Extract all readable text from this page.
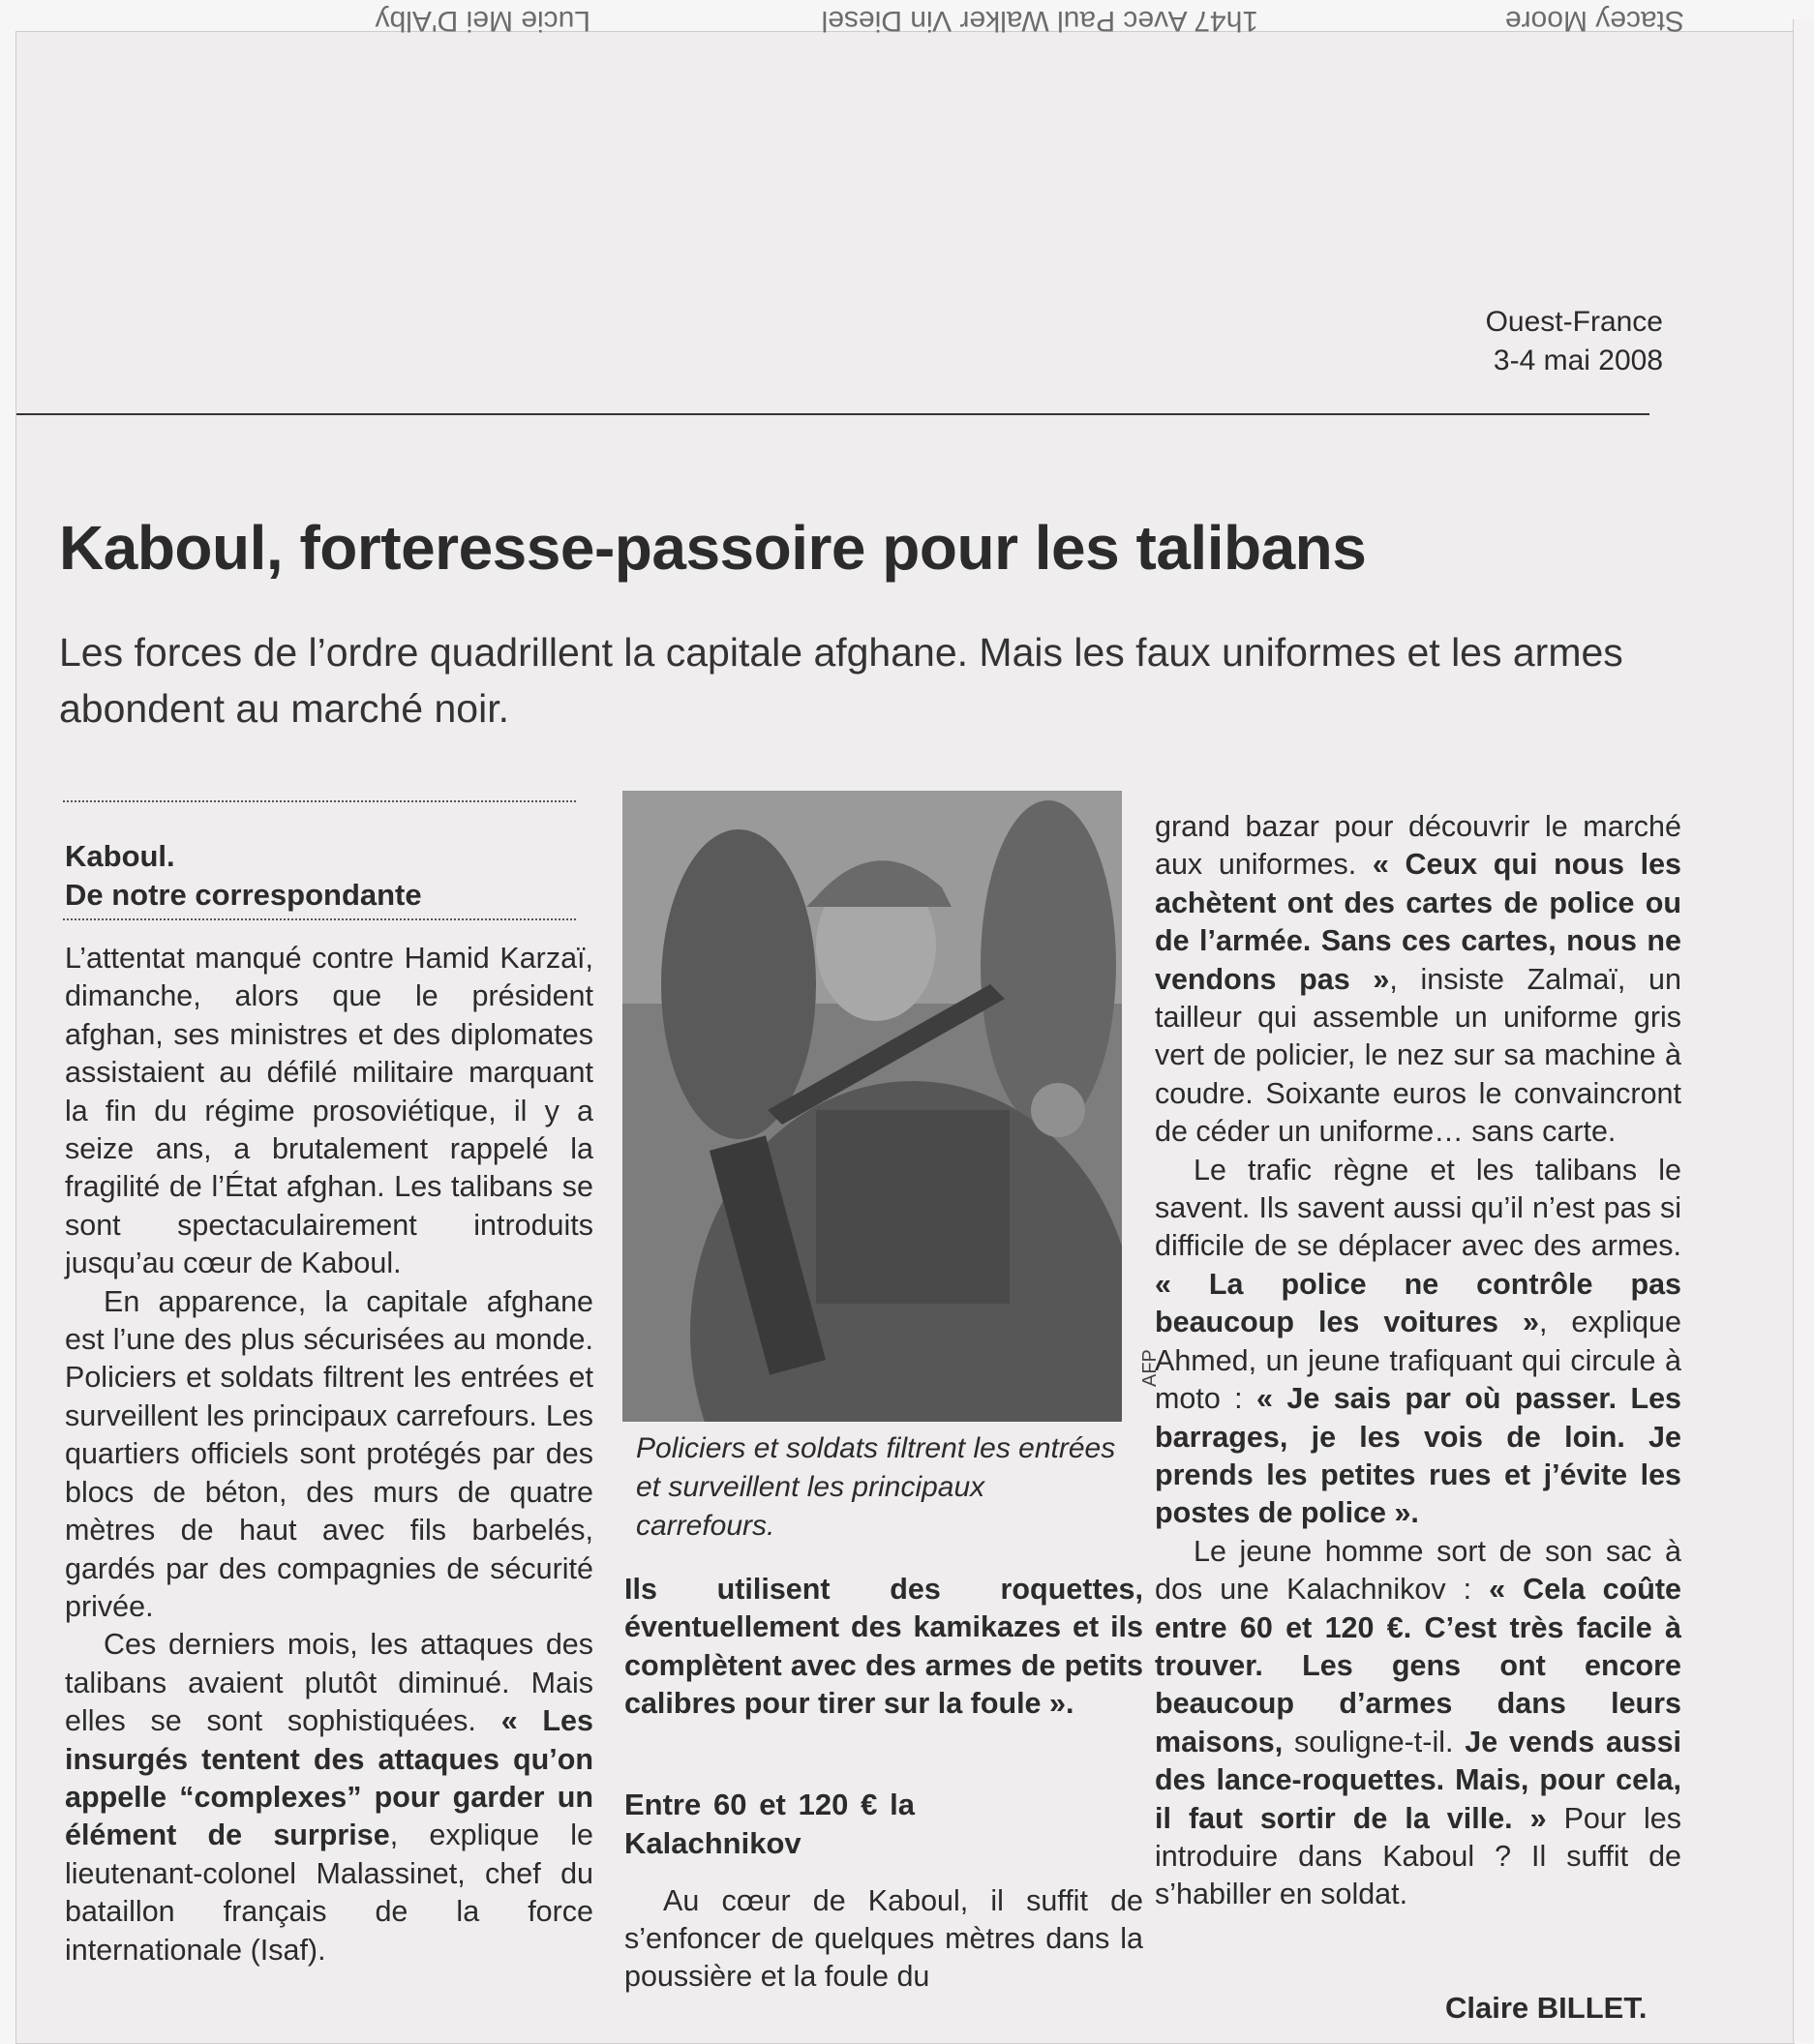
Ouest-France
3-4 mai 2008
Kaboul, forteresse-passoire pour les talibans

Les forces de l’ordre quadrillent la capitale afghane. Mais les faux uniformes et les armes abondent au marché noir.

Kaboul.
De notre correspondante

L’attentat manqué contre Hamid Karzaï, dimanche, alors que le président afghan, ses ministres et des diplomates assistaient au défilé militaire marquant la fin du régime prosoviétique, il y a seize ans, a brutalement rappelé la fragilité de l’État afghan. Les talibans se sont spectaculairement introduits jusqu’au cœur de Kaboul.

En apparence, la capitale afghane est l’une des plus sécurisées au monde. Policiers et soldats filtrent les entrées et surveillent les principaux carrefours. Les quartiers officiels sont protégés par des blocs de béton, des murs de quatre mètres de haut avec fils barbelés, gardés par des compagnies de sécurité privée.

Ces derniers mois, les attaques des talibans avaient plutôt diminué. Mais elles se sont sophistiquées. « Les insurgés tentent des attaques qu’on appelle “complexes” pour garder un élément de surprise, explique le lieutenant-colonel Malassinet, chef du bataillon français de la force internationale (Isaf).

AFP
Policiers et soldats filtrent les entrées et surveillent les principaux carrefours.

Ils utilisent des roquettes, éventuellement des kamikazes et ils complètent avec des armes de petits calibres pour tirer sur la foule ».

Entre 60 et 120 € la Kalachnikov

Au cœur de Kaboul, il suffit de s’enfoncer de quelques mètres dans la poussière et la foule du

grand bazar pour découvrir le marché aux uniformes. « Ceux qui nous les achètent ont des cartes de police ou de l’armée. Sans ces cartes, nous ne vendons pas », insiste Zalmaï, un tailleur qui assemble un uniforme gris vert de policier, le nez sur sa machine à coudre. Soixante euros le convaincront de céder un uniforme… sans carte.

Le trafic règne et les talibans le savent. Ils savent aussi qu’il n’est pas si difficile de se déplacer avec des armes. « La police ne contrôle pas beaucoup les voitures », explique Ahmed, un jeune trafiquant qui circule à moto : « Je sais par où passer. Les barrages, je les vois de loin. Je prends les petites rues et j’évite les postes de police ».

Le jeune homme sort de son sac à dos une Kalachnikov : « Cela coûte entre 60 et 120 €. C’est très facile à trouver. Les gens ont encore beaucoup d’armes dans leurs maisons, souligne-t-il. Je vends aussi des lance-roquettes. Mais, pour cela, il faut sortir de la ville. » Pour les introduire dans Kaboul ? Il suffit de s’habiller en soldat.

Claire BILLET.
Lucie Mei D'Alby	1h47 Avec Paul Walker Vin Diesel	Stacey Moore
